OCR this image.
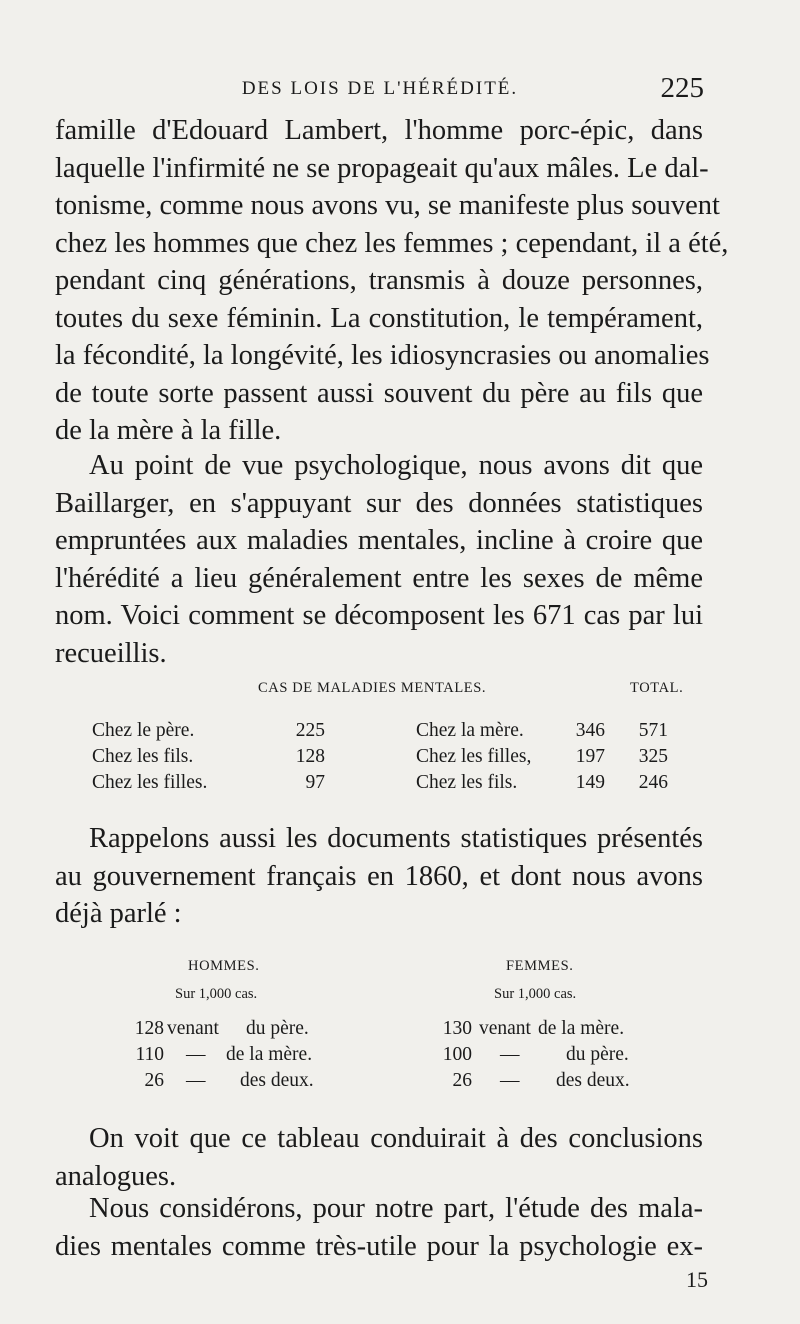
DES LOIS DE L'HÉRÉDITÉ.	225
famille d'Edouard Lambert, l'homme porc-épic, dans
laquelle l'infirmité ne se propageait qu'aux mâles. Le dal-
tonisme, comme nous avons vu, se manifeste plus souvent
chez les hommes que chez les femmes ; cependant, il a été,
pendant cinq générations, transmis à douze personnes,
toutes du sexe féminin. La constitution, le tempérament,
la fécondité, la longévité, les idiosyncrasies ou anomalies
de toute sorte passent aussi souvent du père au fils que
de la mère à la fille.
Au point de vue psychologique, nous avons dit que
Baillarger, en s'appuyant sur des données statistiques
empruntées aux maladies mentales, incline à croire que
l'hérédité a lieu généralement entre les sexes de même
nom. Voici comment se décomposent les 671 cas par lui
recueillis.
CAS DE MALADIES MENTALES.	TOTAL.
Chez le père.	225	Chez la mère.	346	571
Chez les fils.	128	Chez les filles,	197	325
Chez les filles.	97	Chez les fils.	149	246
Rappelons aussi les documents statistiques présentés
au gouvernement français en 1860, et dont nous avons
déjà parlé :
HOMMES.
Sur 1,000 cas.
FEMMES.
Sur 1,000 cas.
128 venant du père.
110 — de la mère.
26 — des deux.
130 venant de la mère.
100 — du père.
26 — des deux.
On voit que ce tableau conduirait à des conclusions
analogues.
Nous considérons, pour notre part, l'étude des mala-
dies mentales comme très-utile pour la psychologie ex-
15
